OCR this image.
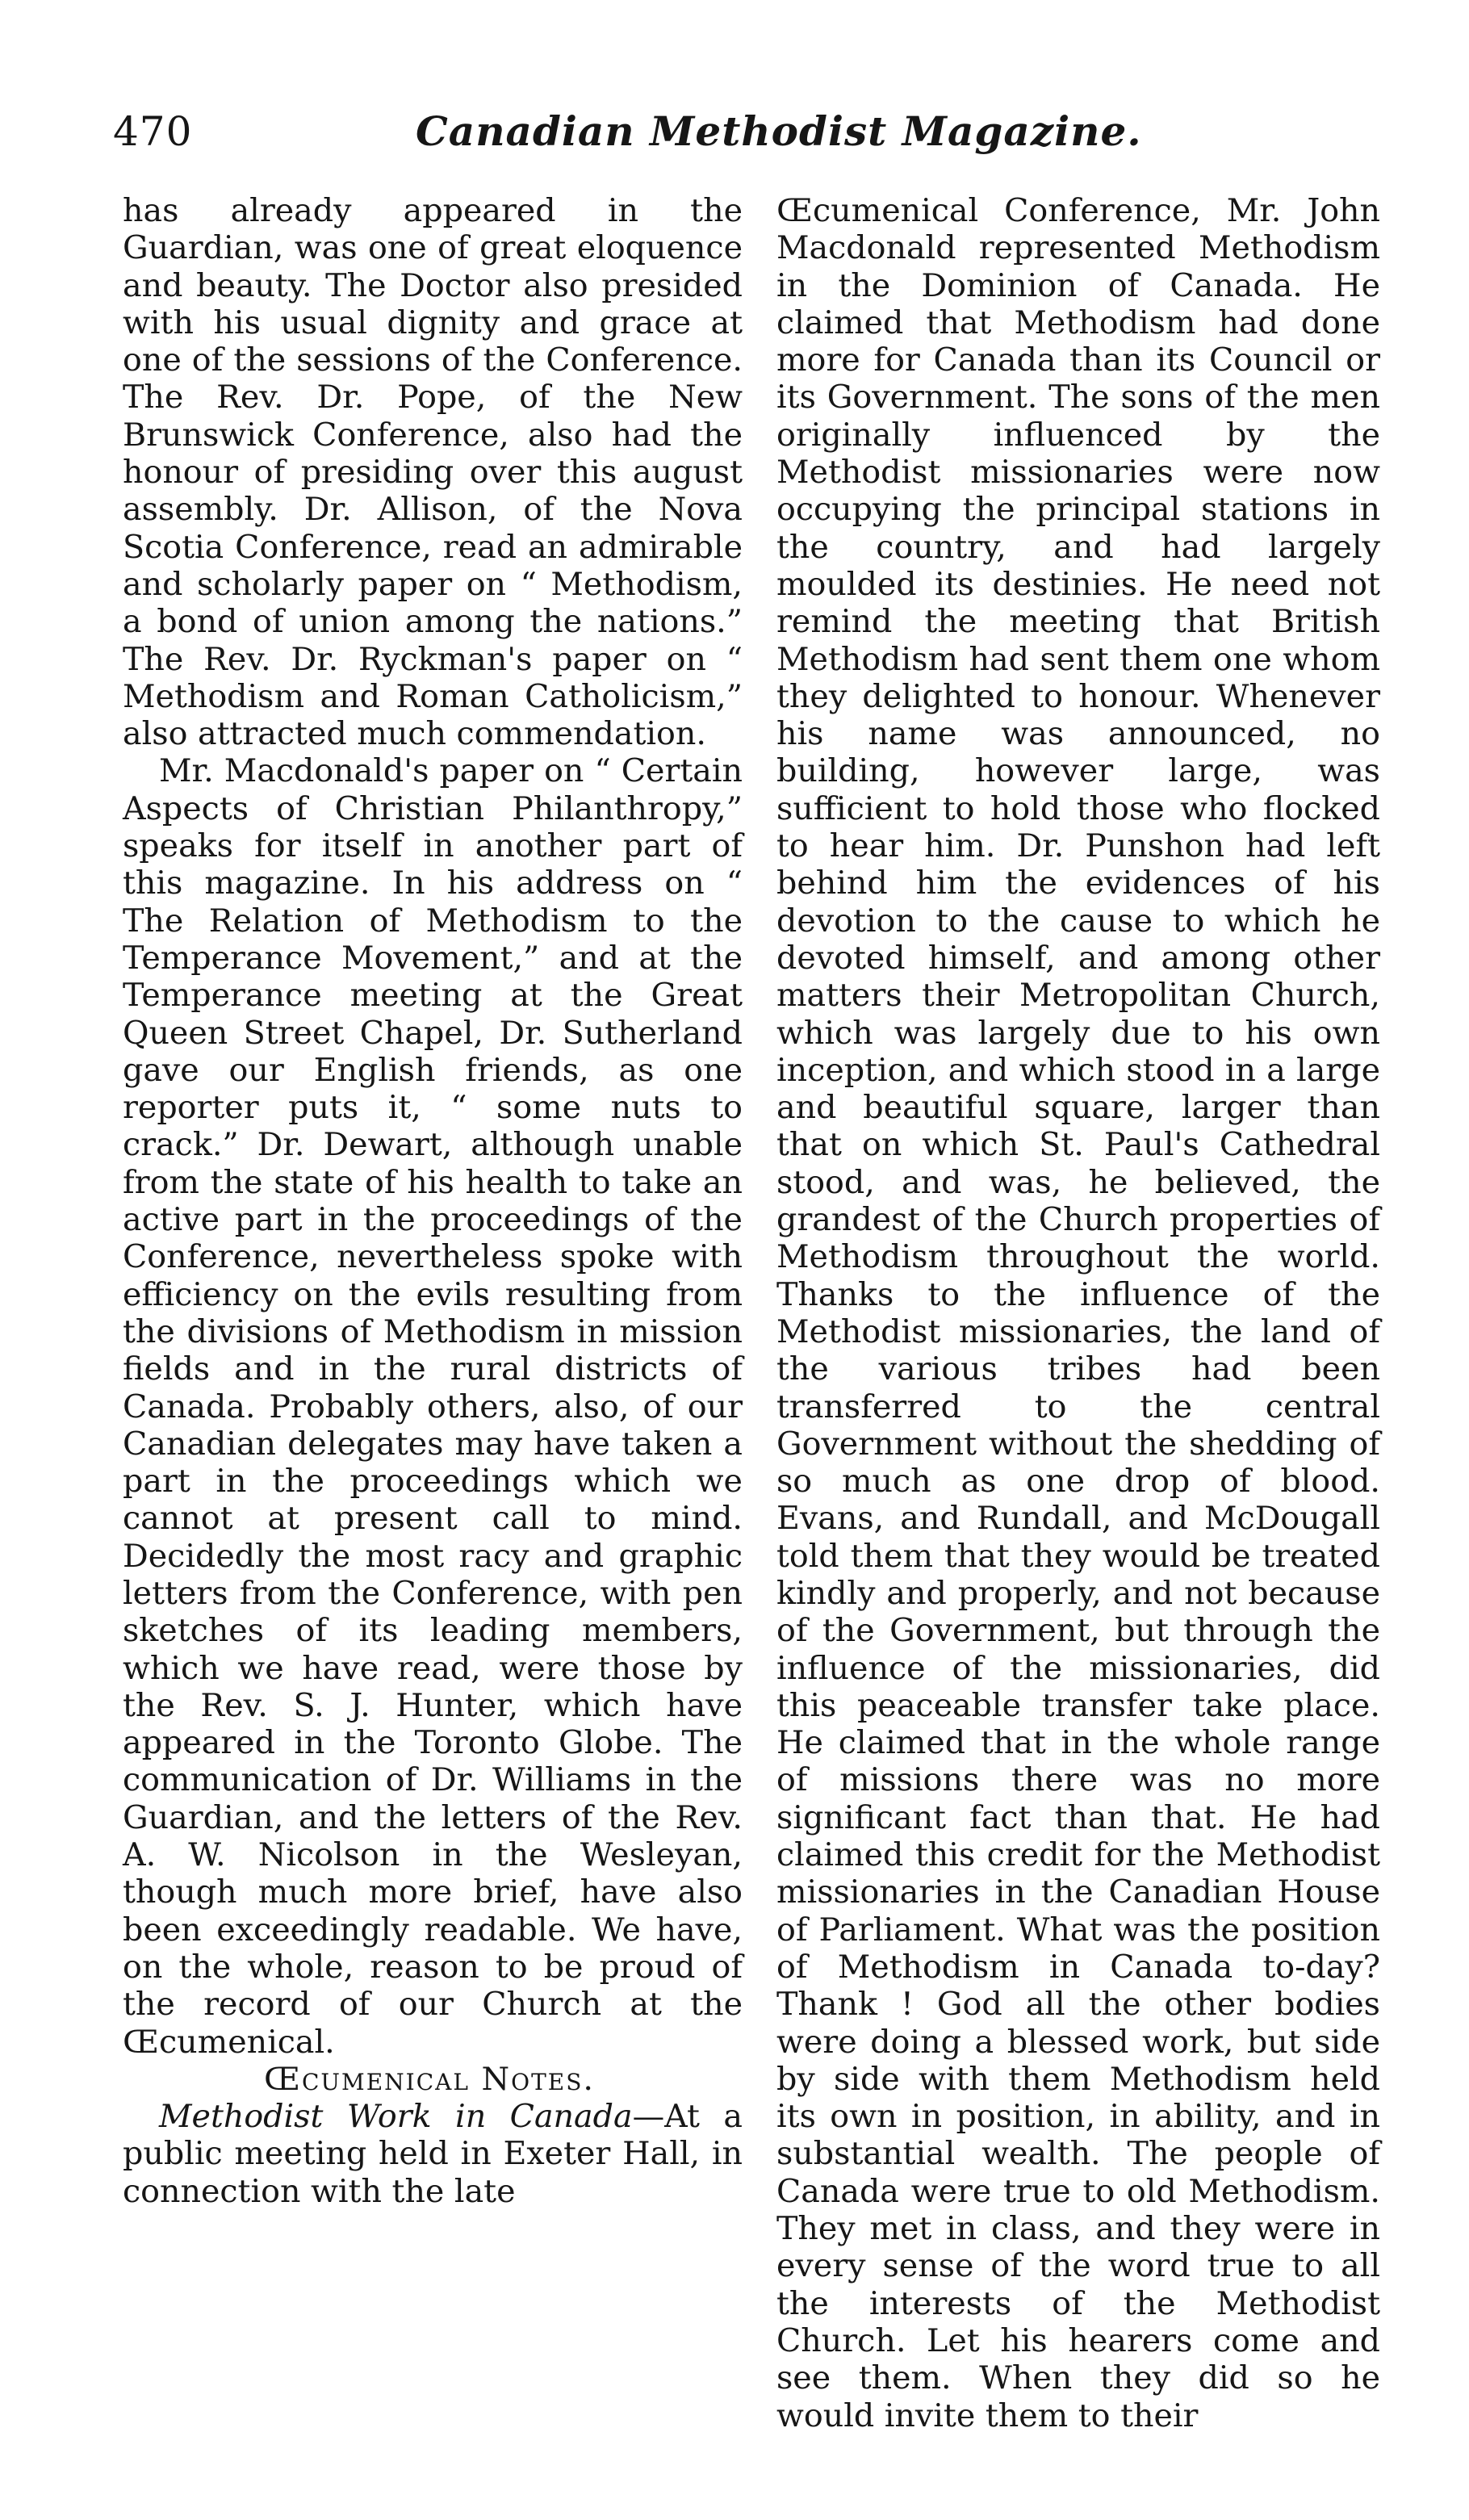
470	Canadian Methodist Magazine.

has already appeared in the Guardian, was one of great eloquence and beauty. The Doctor also presided with his usual dignity and grace at one of the sessions of the Conference. The Rev. Dr. Pope, of the New Brunswick Conference, also had the honour of presiding over this august assembly. Dr. Allison, of the Nova Scotia Conference, read an admirable and scholarly paper on “ Methodism, a bond of union among the nations.” The Rev. Dr. Ryckman's paper on “ Methodism and Roman Catholicism,” also attracted much commendation.

Mr. Macdonald's paper on “ Certain Aspects of Christian Philanthropy,” speaks for itself in another part of this magazine. In his address on “ The Relation of Methodism to the Temperance Movement,” and at the Temperance meeting at the Great Queen Street Chapel, Dr. Sutherland gave our English friends, as one reporter puts it, “ some nuts to crack.” Dr. Dewart, although unable from the state of his health to take an active part in the proceedings of the Conference, nevertheless spoke with efficiency on the evils resulting from the divisions of Methodism in mission fields and in the rural districts of Canada. Probably others, also, of our Canadian delegates may have taken a part in the proceedings which we cannot at present call to mind. Decidedly the most racy and graphic letters from the Conference, with pen sketches of its leading members, which we have read, were those by the Rev. S. J. Hunter, which have appeared in the Toronto Globe. The communication of Dr. Williams in the Guardian, and the letters of the Rev. A. W. Nicolson in the Wesleyan, though much more brief, have also been exceedingly readable. We have, on the whole, reason to be proud of the record of our Church at the Œcumenical.

Œcumenical Notes.

Methodist Work in Canada—At a public meeting held in Exeter Hall, in connection with the late

Œcumenical Conference, Mr. John Macdonald represented Methodism in the Dominion of Canada. He claimed that Methodism had done more for Canada than its Council or its Government. The sons of the men originally influenced by the Methodist missionaries were now occupying the principal stations in the country, and had largely moulded its destinies. He need not remind the meeting that British Methodism had sent them one whom they delighted to honour. Whenever his name was announced, no building, however large, was sufficient to hold those who flocked to hear him. Dr. Punshon had left behind him the evidences of his devotion to the cause to which he devoted himself, and among other matters their Metropolitan Church, which was largely due to his own inception, and which stood in a large and beautiful square, larger than that on which St. Paul's Cathedral stood, and was, he believed, the grandest of the Church properties of Methodism throughout the world. Thanks to the influence of the Methodist missionaries, the land of the various tribes had been transferred to the central Government without the shedding of so much as one drop of blood. Evans, and Rundall, and McDougall told them that they would be treated kindly and properly, and not because of the Government, but through the influence of the missionaries, did this peaceable transfer take place. He claimed that in the whole range of missions there was no more significant fact than that. He had claimed this credit for the Methodist missionaries in the Canadian House of Parliament. What was the position of Methodism in Canada to-day? Thank ! God all the other bodies were doing a blessed work, but side by side with them Methodism held its own in position, in ability, and in substantial wealth. The people of Canada were true to old Methodism. They met in class, and they were in every sense of the word true to all the interests of the Methodist Church. Let his hearers come and see them. When they did so he would invite them to their
